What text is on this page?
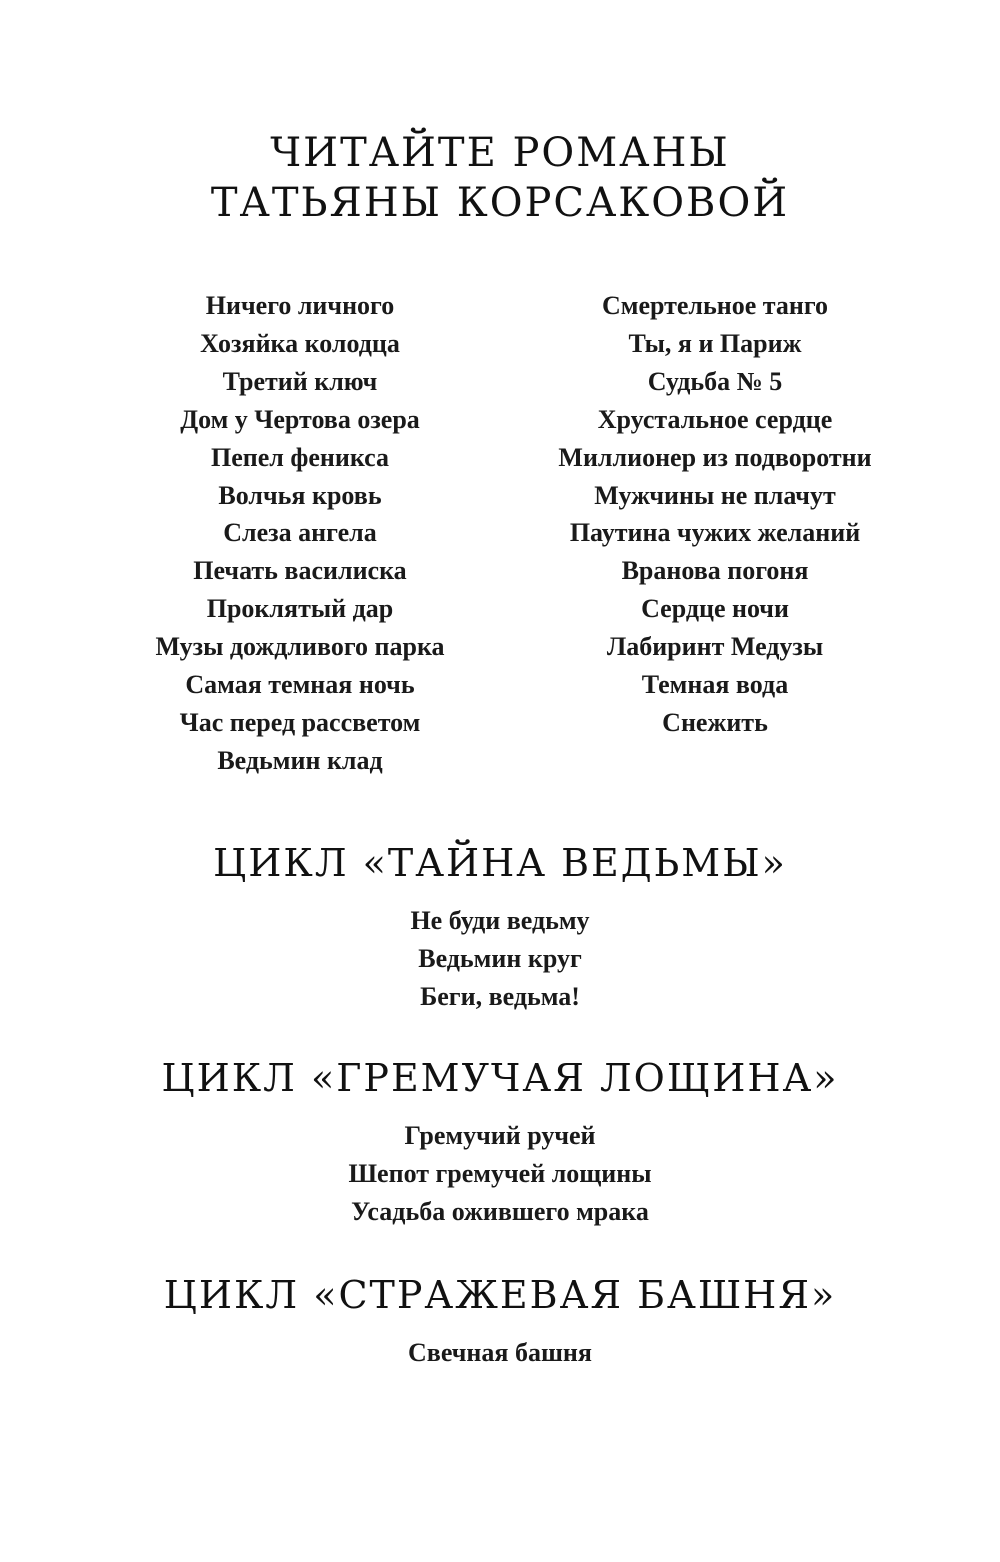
ЧИТАЙТЕ РОМАНЫ
ТАТЬЯНЫ КОРСАКОВОЙ
Ничего личного
Хозяйка колодца
Третий ключ
Дом у Чертова озера
Пепел феникса
Волчья кровь
Слеза ангела
Печать василиска
Проклятый дар
Музы дождливого парка
Самая темная ночь
Час перед рассветом
Ведьмин клад
Смертельное танго
Ты, я и Париж
Судьба № 5
Хрустальное сердце
Миллионер из подворотни
Мужчины не плачут
Паутина чужих желаний
Вранова погоня
Сердце ночи
Лабиринт Медузы
Темная вода
Снежить
ЦИКЛ «ТАЙНА ВЕДЬМЫ»
Не буди ведьму
Ведьмин круг
Беги, ведьма!
ЦИКЛ «ГРЕМУЧАЯ ЛОЩИНА»
Гремучий ручей
Шепот гремучей лощины
Усадьба ожившего мрака
ЦИКЛ «СТРАЖЕВАЯ БАШНЯ»
Свечная башня
